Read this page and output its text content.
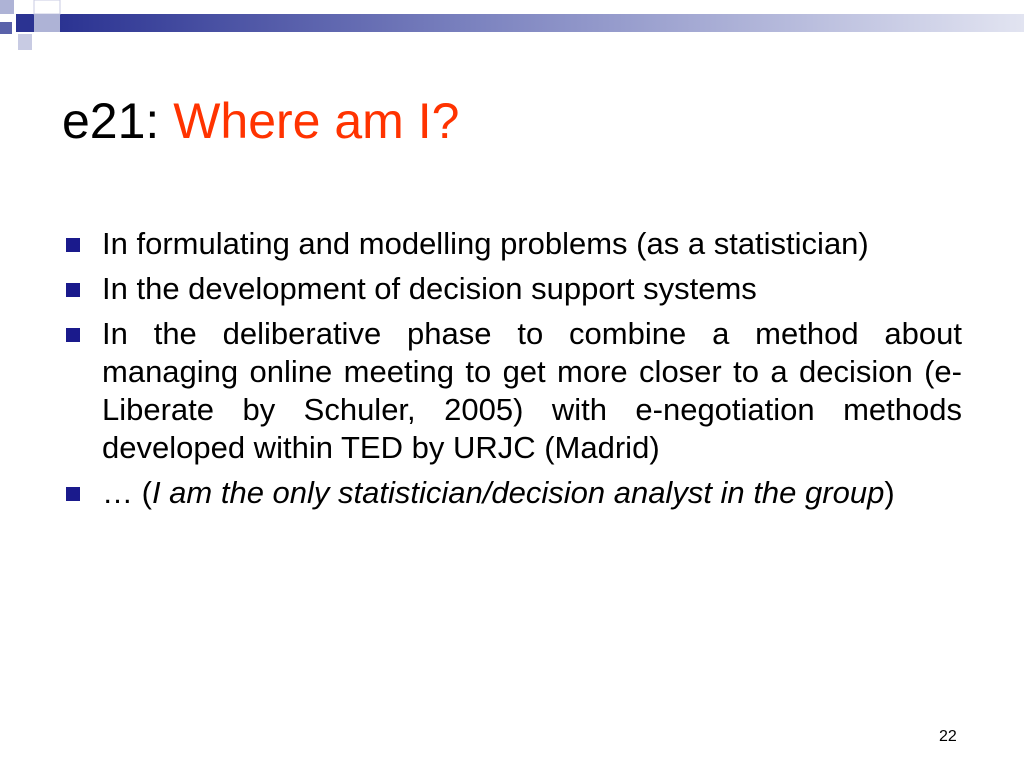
e21: Where am I?
In formulating and modelling problems (as a statistician)
In the development of decision support systems
In the deliberative phase to combine a method about managing online meeting to get more closer to a decision (e-Liberate by Schuler, 2005) with e-negotiation methods developed within TED by URJC (Madrid)
… (I am the only statistician/decision analyst in the group)
22
